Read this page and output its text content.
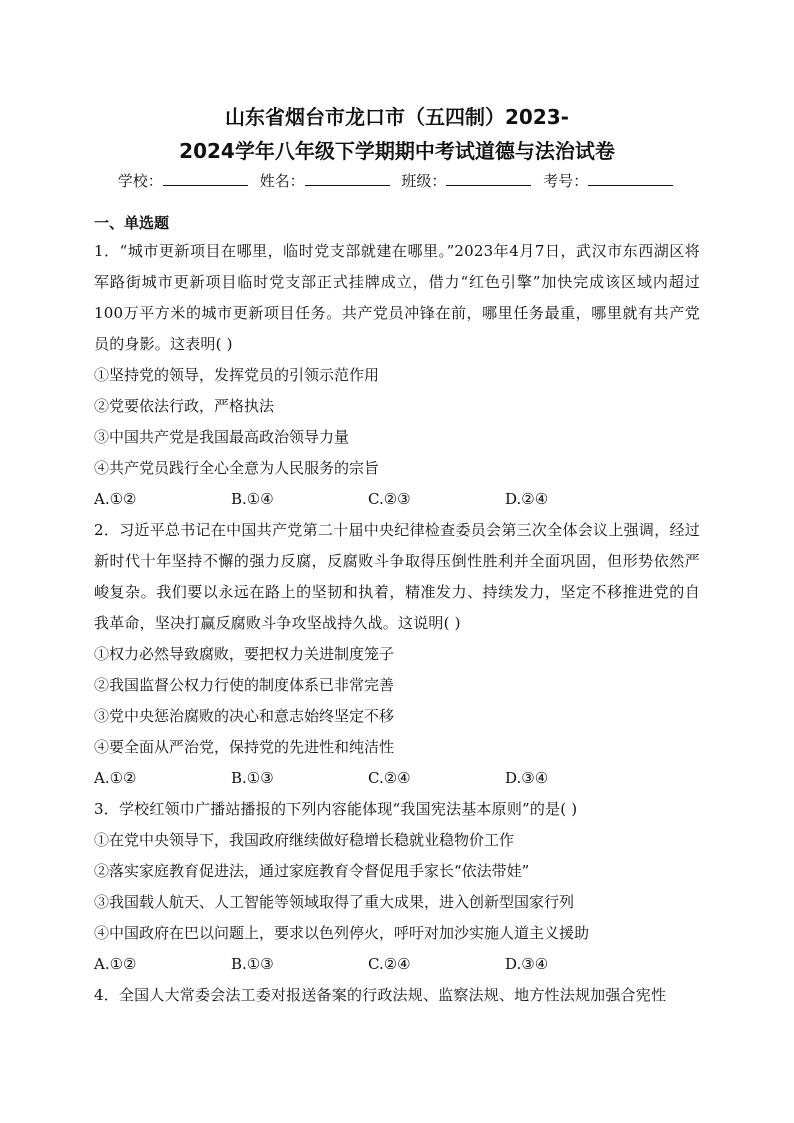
山东省烟台市龙口市（五四制）2023-
2024学年八年级下学期期中考试道德与法治试卷
学校：	姓名：	班级：	考号：
一、单选题

1．“城市更新项目在哪里，临时党支部就建在哪里。”2023年4月7日，武汉市东西湖区将军路街城市更新项目临时党支部正式挂牌成立，借力“红色引擎”加快完成该区域内超过100万平方米的城市更新项目任务。共产党员冲锋在前，哪里任务最重，哪里就有共产党员的身影。这表明( )

①坚持党的领导，发挥党员的引领示范作用

②党要依法行政，严格执法

③中国共产党是我国最高政治领导力量

④共产党员践行全心全意为人民服务的宗旨

A.①②	B.①④	C.②③	D.②④

2．习近平总书记在中国共产党第二十届中央纪律检查委员会第三次全体会议上强调，经过新时代十年坚持不懈的强力反腐，反腐败斗争取得压倒性胜利并全面巩固，但形势依然严峻复杂。我们要以永远在路上的坚韧和执着，精准发力、持续发力，坚定不移推进党的自我革命，坚决打赢反腐败斗争攻坚战持久战。这说明( )

①权力必然导致腐败，要把权力关进制度笼子

②我国监督公权力行使的制度体系已非常完善

③党中央惩治腐败的决心和意志始终坚定不移

④要全面从严治党，保持党的先进性和纯洁性

A.①②	B.①③	C.②④	D.③④

3．学校红领巾广播站播报的下列内容能体现“我国宪法基本原则”的是( )

①在党中央领导下，我国政府继续做好稳增长稳就业稳物价工作

②落实家庭教育促进法，通过家庭教育令督促甩手家长“依法带娃”

③我国载人航天、人工智能等领域取得了重大成果，进入创新型国家行列

④中国政府在巴以问题上，要求以色列停火，呼吁对加沙实施人道主义援助

A.①②	B.①③	C.②④	D.③④

4．全国人大常委会法工委对报送备案的行政法规、监察法规、地方性法规加强合宪性
